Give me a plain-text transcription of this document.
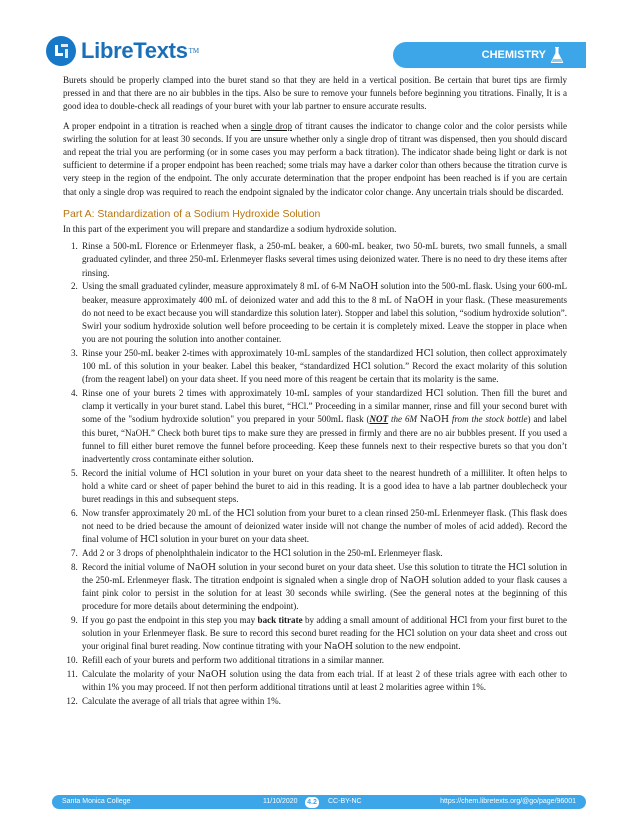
LibreTexts TM	CHEMISTRY

Burets should be properly clamped into the buret stand so that they are held in a vertical position. Be certain that buret tips are firmly pressed in and that there are no air bubbles in the tips. Also be sure to remove your funnels before beginning you titrations. Finally, It is a good idea to double-check all readings of your buret with your lab partner to ensure accurate results.

A proper endpoint in a titration is reached when a single drop of titrant causes the indicator to change color and the color persists while swirling the solution for at least 30 seconds. If you are unsure whether only a single drop of titrant was dispensed, then you should discard and repeat the trial you are performing (or in some cases you may perform a back titration). The indicator shade being light or dark is not sufficient to determine if a proper endpoint has been reached; some trials may have a darker color than others because the titration curve is very steep in the region of the endpoint. The only accurate determination that the proper endpoint has been reached is if you are certain that only a single drop was required to reach the endpoint signaled by the indicator color change. Any uncertain trials should be discarded.

Part A: Standardization of a Sodium Hydroxide Solution

In this part of the experiment you will prepare and standardize a sodium hydroxide solution.

1. Rinse a 500-mL Florence or Erlenmeyer flask, a 250-mL beaker, a 600-mL beaker, two 50-mL burets, two small funnels, a small graduated cylinder, and three 250-mL Erlenmeyer flasks several times using deionized water. There is no need to dry these items after rinsing.
2. Using the small graduated cylinder, measure approximately 8 mL of 6-M NaOH solution into the 500-mL flask. Using your 600-mL beaker, measure approximately 400 mL of deionized water and add this to the 8 mL of NaOH in your flask. (These measurements do not need to be exact because you will standardize this solution later). Stopper and label this solution, “sodium hydroxide solution”. Swirl your sodium hydroxide solution well before proceeding to be certain it is completely mixed. Leave the stopper in place when you are not pouring the solution into another container.
3. Rinse your 250-mL beaker 2-times with approximately 10-mL samples of the standardized HCl solution, then collect approximately 100 mL of this solution in your beaker. Label this beaker, “standardized HCl solution.” Record the exact molarity of this solution (from the reagent label) on your data sheet. If you need more of this reagent be certain that its molarity is the same.
4. Rinse one of your burets 2 times with approximately 10-mL samples of your standardized HCl solution. Then fill the buret and clamp it vertically in your buret stand. Label this buret, “HCl.” Proceeding in a similar manner, rinse and fill your second buret with some of the "sodium hydroxide solution" you prepared in your 500mL flask (NOT the 6M NaOH from the stock bottle) and label this buret, “NaOH.” Check both buret tips to make sure they are pressed in firmly and there are no air bubbles present. If you used a funnel to fill either buret remove the funnel before proceeding. Keep these funnels next to their respective burets so that you don’t inadvertently cross contaminate either solution.
5. Record the initial volume of HCl solution in your buret on your data sheet to the nearest hundreth of a milliliter. It often helps to hold a white card or sheet of paper behind the buret to aid in this reading. It is a good idea to have a lab partner doublecheck your buret readings in this and subsequent steps.
6. Now transfer approximately 20 mL of the HCl solution from your buret to a clean rinsed 250-mL Erlenmeyer flask. (This flask does not need to be dried because the amount of deionized water inside will not change the number of moles of acid added). Record the final volume of HCl solution in your buret on your data sheet.
7. Add 2 or 3 drops of phenolphthalein indicator to the HCl solution in the 250-mL Erlenmeyer flask.
8. Record the initial volume of NaOH solution in your second buret on your data sheet. Use this solution to titrate the HCl solution in the 250-mL Erlenmeyer flask. The titration endpoint is signaled when a single drop of NaOH solution added to your flask causes a faint pink color to persist in the solution for at least 30 seconds while swirling. (See the general notes at the beginning of this procedure for more details about determining the endpoint).
9. If you go past the endpoint in this step you may back titrate by adding a small amount of additional HCl from your first buret to the solution in your Erlenmeyer flask. Be sure to record this second buret reading for the HCl solution on your data sheet and cross out your original final buret reading. Now continue titrating with your NaOH solution to the new endpoint.
10. Refill each of your burets and perform two additional titrations in a similar manner.
11. Calculate the molarity of your NaOH solution using the data from each trial. If at least 2 of these trials agree with each other to within 1% you may proceed. If not then perform additional titrations until at least 2 molarities agree within 1%.
12. Calculate the average of all trials that agree within 1%.
Santa Monica College	11/10/2020	4.2	CC-BY-NC	https://chem.libretexts.org/@go/page/96001
